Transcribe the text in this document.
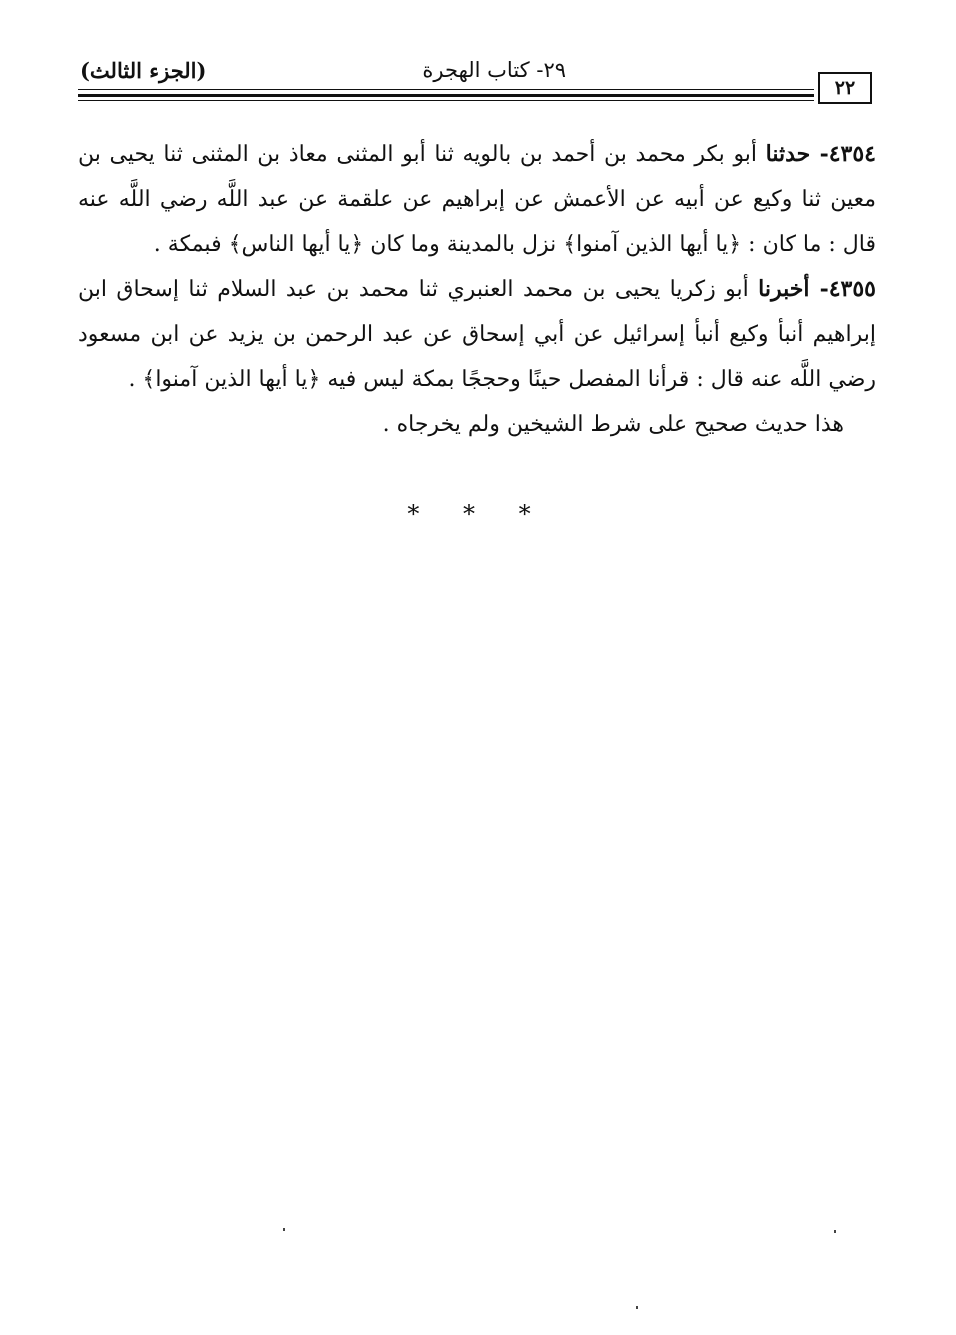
٢٩- كتاب الهجرة
(الجزء الثالث)
٢٢

٤٣٥٤- حدثنا أبو بكر محمد بن أحمد بن بالويه ثنا أبو المثنى معاذ بن المثنى ثنا يحيى بن معين ثنا وكيع عن أبيه عن الأعمش عن إبراهيم عن علقمة عن عبد اللَّه رضي اللَّه عنه قال : ما كان : ﴿يا أيها الذين آمنوا﴾ نزل بالمدينة وما كان ﴿يا أيها الناس﴾ فبمكة .

٤٣٥٥- أخبرنا أبو زكريا يحيى بن محمد العنبري ثنا محمد بن عبد السلام ثنا إسحاق ابن إبراهيم أنبأ وكيع أنبأ إسرائيل عن أبي إسحاق عن عبد الرحمن بن يزيد عن ابن مسعود رضي اللَّه عنه قال : قرأنا المفصل حينًا وحججًا بمكة ليس فيه ﴿يا أيها الذين آمنوا﴾ .

هذا حديث صحيح على شرط الشيخين ولم يخرجاه .

* * *
